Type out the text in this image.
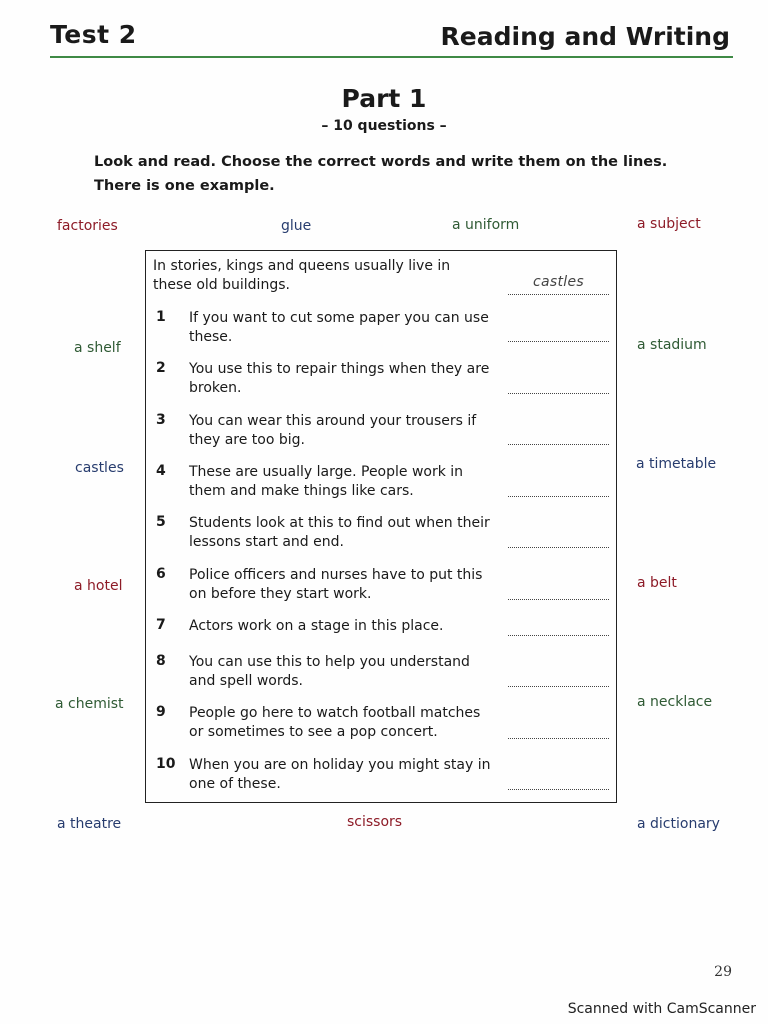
Test 2	Reading and Writing
Part 1
– 10 questions –
Look and read. Choose the correct words and write them on the lines. There is one example.
factories	glue	a uniform	a subject
a shelf	a stadium
castles	a timetable
a hotel	a belt
a chemist	a necklace
a theatre	scissors	a dictionary
In stories, kings and queens usually live in these old buildings.	castles
1 If you want to cut some paper you can use these.
2 You use this to repair things when they are broken.
3 You can wear this around your trousers if they are too big.
4 These are usually large. People work in them and make things like cars.
5 Students look at this to find out when their lessons start and end.
6 Police officers and nurses have to put this on before they start work.
7 Actors work on a stage in this place.
8 You can use this to help you understand and spell words.
9 People go here to watch football matches or sometimes to see a pop concert.
10 When you are on holiday you might stay in one of these.
29
Scanned with CamScanner
